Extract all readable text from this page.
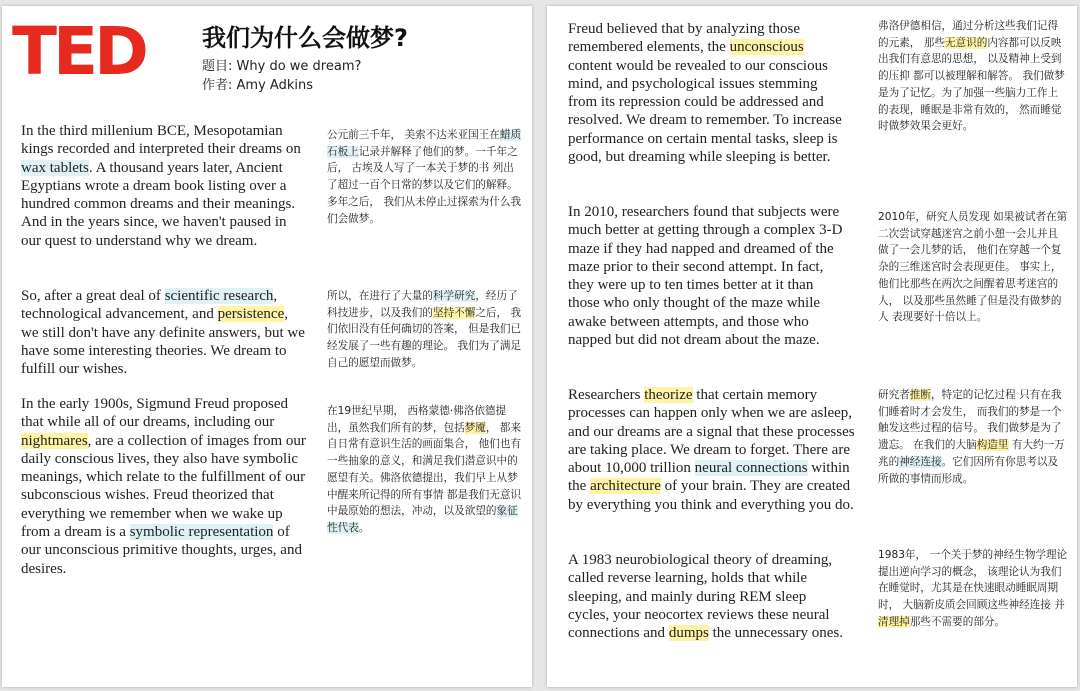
TED	我们为什么会做梦?
题目: Why do we dream?
作者: Amy Adkins
In the third millenium BCE, Mesopotamian kings recorded and interpreted their dreams on wax tablets. A thousand years later, Ancient Egyptians wrote a dream book listing over a hundred common dreams and their meanings. And in the years since, we haven't paused in our quest to understand why we dream.
公元前三千年， 美索不达米亚国王在蜡质石板上记录并解释了他们的梦。一千年之后， 古埃及人写了一本关于梦的书 列出了超过一百个日常的梦以及它们的解释。 多年之后， 我们从未停止过探索为什么我们会做梦。
So, after a great deal of scientific research, technological advancement, and persistence, we still don't have any definite answers, but we have some interesting theories. We dream to fulfill our wishes.
所以，在进行了大量的科学研究，经历了科技进步，以及我们的坚持不懈之后， 我们依旧没有任何确切的答案， 但是我们已经发展了一些有趣的理论。 我们为了满足自己的愿望而做梦。
In the early 1900s, Sigmund Freud proposed that while all of our dreams, including our nightmares, are a collection of images from our daily conscious lives, they also have symbolic meanings, which relate to the fulfillment of our subconscious wishes. Freud theorized that everything we remember when we wake up from a dream is a symbolic representation of our unconscious primitive thoughts, urges, and desires.
在19世纪早期， 西格蒙德·佛洛依德提出，虽然我们所有的梦，包括梦魇， 都来自日常有意识生活的画面集合， 他们也有一些抽象的意义，和满足我们潜意识中的愿望有关。佛洛依德提出，我们早上从梦中醒来所记得的所有事情 都是我们无意识中最原始的想法，冲动，以及欲望的象征性代表。
Freud believed that by analyzing those remembered elements, the unconscious content would be revealed to our conscious mind, and psychological issues stemming from its repression could be addressed and resolved. We dream to remember. To increase performance on certain mental tasks, sleep is good, but dreaming while sleeping is better.
弗洛伊德相信，通过分析这些我们记得的元素， 那些无意识的内容都可以反映出我们有意思的思想， 以及精神上受到的压抑 都可以被理解和解答。 我们做梦是为了记忆。为了加强一些脑力工作上的表现，睡眠是非常有效的， 然而睡觉时做梦效果会更好。
In 2010, researchers found that subjects were much better at getting through a complex 3-D maze if they had napped and dreamed of the maze prior to their second attempt. In fact, they were up to ten times better at it than those who only thought of the maze while awake between attempts, and those who napped but did not dream about the maze.
2010年，研究人员发现 如果被试者在第二次尝试穿越迷宫之前小憩一会儿并且做了一会儿梦的话， 他们在穿越一个复杂的三维迷宫时会表现更佳。 事实上， 他们比那些在两次之间醒着思考迷宫的人， 以及那些虽然睡了但是没有做梦的人 表现要好十倍以上。
Researchers theorize that certain memory processes can happen only when we are asleep, and our dreams are a signal that these processes are taking place. We dream to forget. There are about 10,000 trillion neural connections within the architecture of your brain. They are created by everything you think and everything you do.
研究者推断，特定的记忆过程 只有在我们睡着时才会发生， 而我们的梦是一个触发这些过程的信号。 我们做梦是为了遗忘。 在我们的大脑构造里 有大约一万兆的神经连接。它们因所有你思考以及所做的事情而形成。
A 1983 neurobiological theory of dreaming, called reverse learning, holds that while sleeping, and mainly during REM sleep cycles, your neocortex reviews these neural connections and dumps the unnecessary ones.
1983年， 一个关于梦的神经生物学理论提出逆向学习的概念， 该理论认为我们在睡觉时，尤其是在快速眼动睡眠周期时， 大脑新皮质会回顾这些神经连接 并清理掉那些不需要的部分。
